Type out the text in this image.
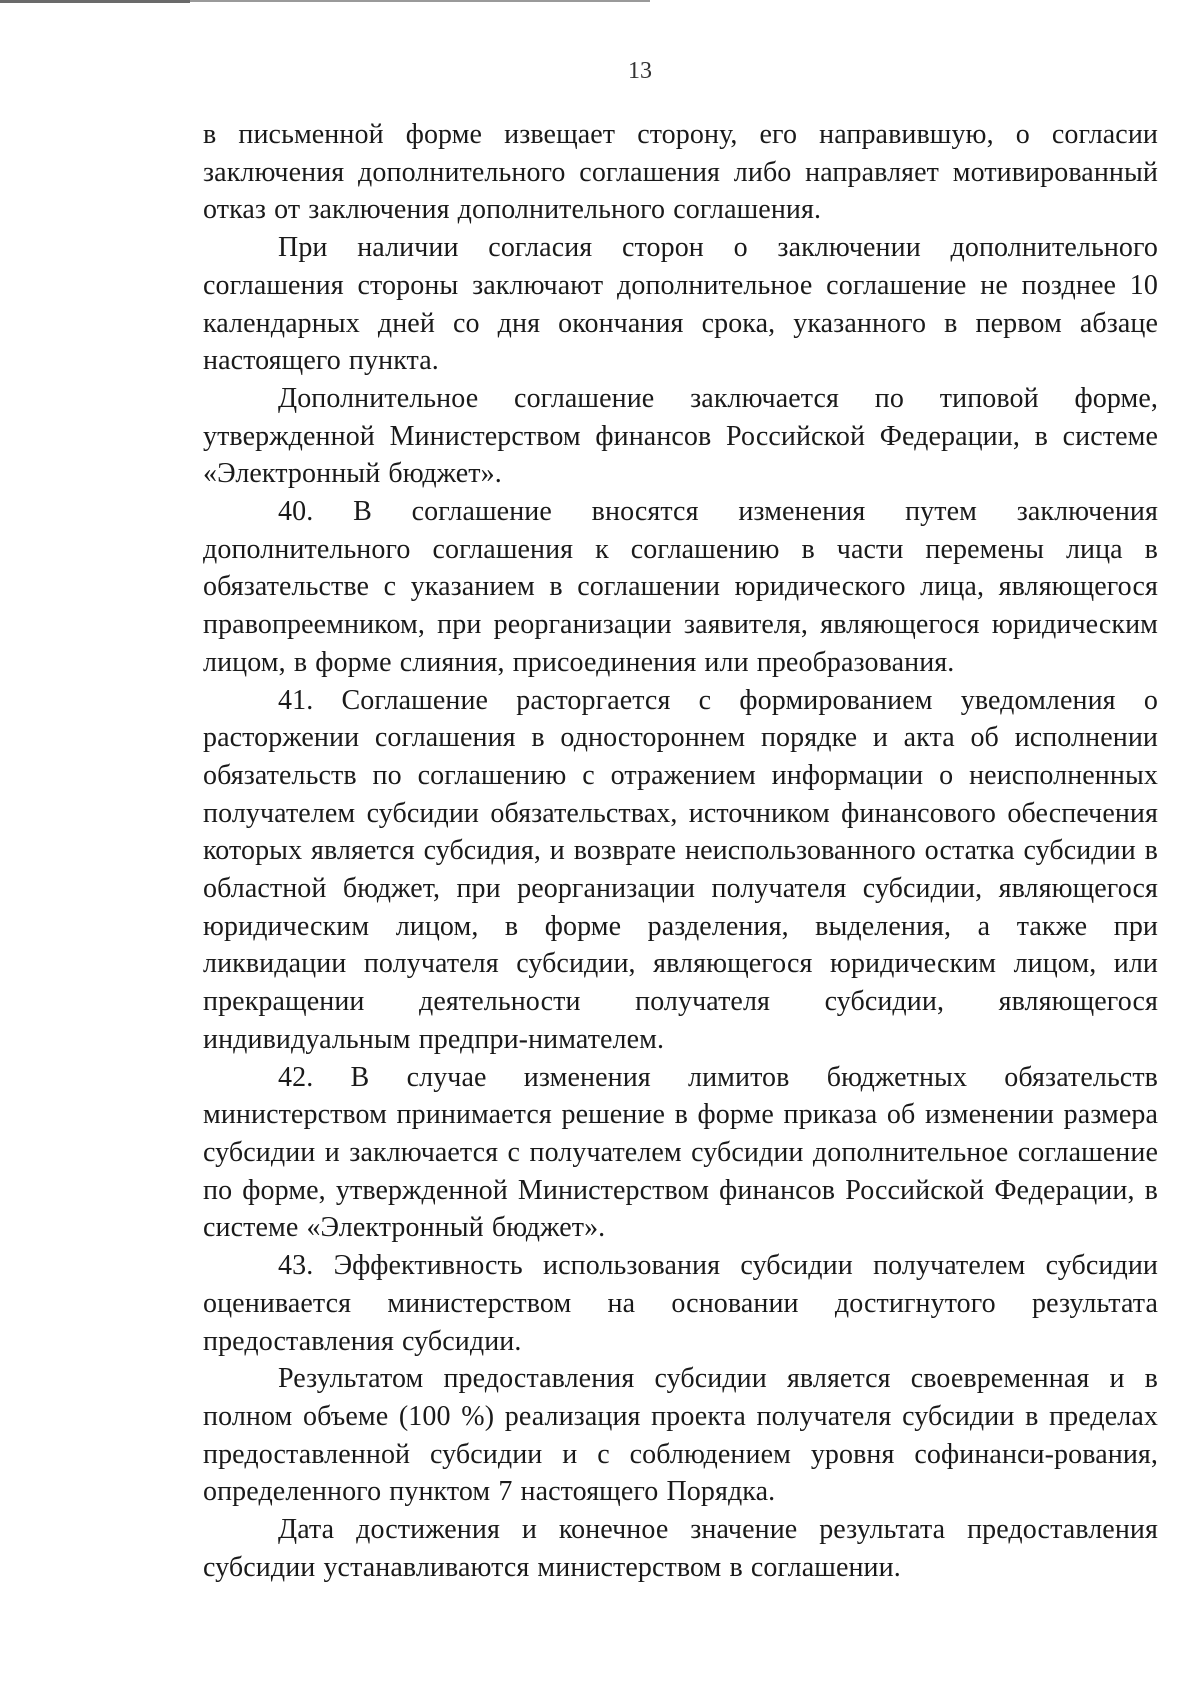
13

в письменной форме извещает сторону, его направившую, о согласии заключения дополнительного соглашения либо направляет мотивированный отказ от заключения дополнительного соглашения.

При наличии согласия сторон о заключении дополнительного соглашения стороны заключают дополнительное соглашение не позднее 10 календарных дней со дня окончания срока, указанного в первом абзаце настоящего пункта.

Дополнительное соглашение заключается по типовой форме, утвержденной Министерством финансов Российской Федерации, в системе «Электронный бюджет».

40. В соглашение вносятся изменения путем заключения дополнительного соглашения к соглашению в части перемены лица в обязательстве с указанием в соглашении юридического лица, являющегося правопреемником, при реорганизации заявителя, являющегося юридическим лицом, в форме слияния, присоединения или преобразования.

41. Соглашение расторгается с формированием уведомления о расторжении соглашения в одностороннем порядке и акта об исполнении обязательств по соглашению с отражением информации о неисполненных получателем субсидии обязательствах, источником финансового обеспечения которых является субсидия, и возврате неиспользованного остатка субсидии в областной бюджет, при реорганизации получателя субсидии, являющегося юридическим лицом, в форме разделения, выделения, а также при ликвидации получателя субсидии, являющегося юридическим лицом, или прекращении деятельности получателя субсидии, являющегося индивидуальным предпри-нимателем.

42. В случае изменения лимитов бюджетных обязательств министерством принимается решение в форме приказа об изменении размера субсидии и заключается с получателем субсидии дополнительное соглашение по форме, утвержденной Министерством финансов Российской Федерации, в системе «Электронный бюджет».

43. Эффективность использования субсидии получателем субсидии оценивается министерством на основании достигнутого результата предоставления субсидии.

Результатом предоставления субсидии является своевременная и в полном объеме (100 %) реализация проекта получателя субсидии в пределах предоставленной субсидии и с соблюдением уровня софинанси-рования, определенного пунктом 7 настоящего Порядка.

Дата достижения и конечное значение результата предоставления субсидии устанавливаются министерством в соглашении.
